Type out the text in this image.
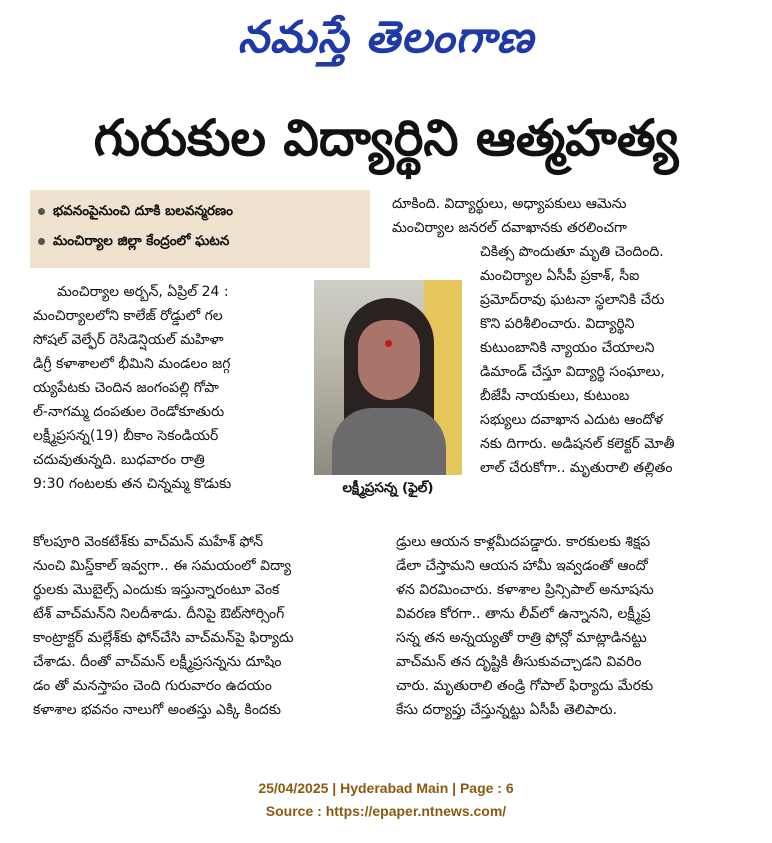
నమస్తే తెలంగాణ
గురుకుల విద్యార్థిని ఆత్మహత్య
భవనంపైనుంచి దూకి బలవన్మరణం
మంచిర్యాల జిల్లా కేంద్రంలో ఘటన
దూకింది. విద్యార్థులు, అధ్యాపకులు ఆమెను
మంచిర్యాల జనరల్ దవాఖానకు తరలించగా
చికిత్స పొందుతూ మృతి చెందింది.
మంచిర్యాల ఏసీపీ ప్రకాశ్, సీఐ
ప్రమోద్‌రావు ఘటనా స్థలానికి చేరు
కొని పరిశీలించారు. విద్యార్థిని
కుటుంబానికి న్యాయం చేయాలని
డిమాండ్ చేస్తూ విద్యార్థి సంఘాలు,
బీజేపీ నాయకులు, కుటుంబ
సభ్యులు దవాఖాన ఎదుట ఆందోళ
నకు దిగారు. అడిషనల్ కలెక్టర్ మోతీ
లాల్ చేరుకోగా.. మృతురాలి తల్లితం
మంచిర్యాల అర్బన్, ఏప్రిల్ 24 :
మంచిర్యాలలోని కాలేజ్ రోడ్డులో గల
సోషల్ వెల్ఫేర్ రెసిడెన్షియల్ మహిళా
డిగ్రీ కళాశాలలో భీమిని మండలం జగ్గ
య్యపేటకు చెందిన జంగంపల్లి గోపా
ల్-నాగమ్మ దంపతుల రెండోకూతురు
లక్ష్మీప్రసన్న(19) బీకాం సెకండియర్
చదువుతున్నది. బుధవారం రాత్రి
9:30 గంటలకు తన చిన్నమ్మ కొడుకు	లక్ష్మీప్రసన్న (ఫైల్)
కోలపూరి వెంకటేశ్‌కు వాచ్‌మన్ మహేశ్ ఫోన్
నుంచి మిస్డ్‌కాల్ ఇవ్వగా.. ఈ సమయంలో విద్యా
ర్థులకు మొబైల్స్ ఎందుకు ఇస్తున్నారంటూ వెంక
టేశ్ వాచ్‌మన్‌ని నిలదీశాడు. దీనిపై ఔట్‌సోర్సింగ్
కాంట్రాక్టర్ మల్లేశ్‌కు ఫోన్‌చేసి వాచ్‌మన్‌పై ఫిర్యాదు
చేశాడు. దీంతో వాచ్‌మన్ లక్ష్మీప్రసన్నను దూషిం
డం తో మనస్తాపం చెంది గురువారం ఉదయం
కళాశాల భవనం నాలుగో అంతస్తు ఎక్కి కిందకు
డ్రులు ఆయన కాళ్లమీదపడ్డారు. కారకులకు శిక్షప
డేలా చేస్తామని ఆయన హామీ ఇవ్వడంతో ఆందో
ళన విరమించారు. కళాశాల ప్రిన్సిపాల్ అనూషను
వివరణ కోరగా.. తాను లీవ్‌లో ఉన్నానని, లక్ష్మీప్ర
సన్న తన అన్నయ్యతో రాత్రి ఫోన్లో మాట్లాడినట్టు
వాచ్‌మన్ తన దృష్టికి తీసుకువచ్చాడని వివరిం
చారు. మృతురాలి తండ్రి గోపాల్ ఫిర్యాదు మేరకు
కేసు దర్యాప్తు చేస్తున్నట్టు ఏసీపీ తెలిపారు.
25/04/2025 | Hyderabad Main | Page : 6
Source : https://epaper.ntnews.com/
